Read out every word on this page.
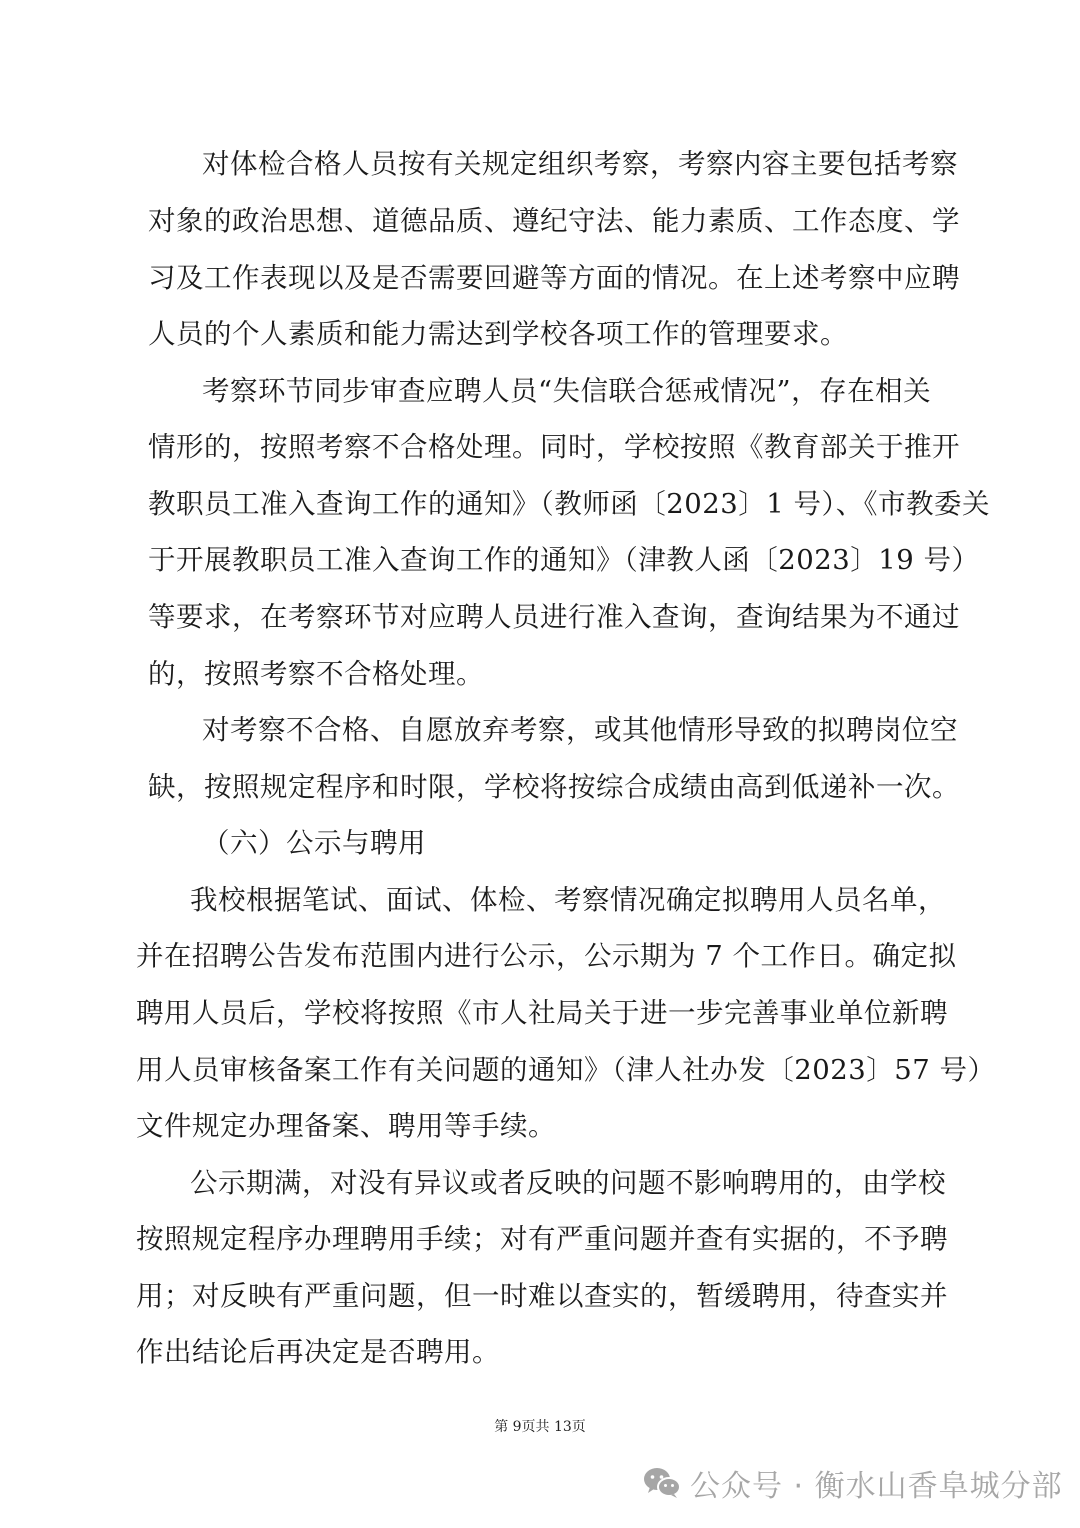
对体检合格人员按有关规定组织考察，考察内容主要包括考察
对象的政治思想、道德品质、遵纪守法、能力素质、工作态度、学
习及工作表现以及是否需要回避等方面的情况。在上述考察中应聘
人员的个人素质和能力需达到学校各项工作的管理要求。
考察环节同步审查应聘人员“失信联合惩戒情况”，存在相关
情形的，按照考察不合格处理。同时，学校按照《教育部关于推开
教职员工准入查询工作的通知》（教师函〔2023〕1 号）、《市教委关
于开展教职员工准入查询工作的通知》（津教人函〔2023〕19 号）
等要求，在考察环节对应聘人员进行准入查询，查询结果为不通过
的，按照考察不合格处理。
对考察不合格、自愿放弃考察，或其他情形导致的拟聘岗位空
缺，按照规定程序和时限，学校将按综合成绩由高到低递补一次。
（六）公示与聘用
我校根据笔试、面试、体检、考察情况确定拟聘用人员名单，
并在招聘公告发布范围内进行公示，公示期为 7 个工作日。确定拟
聘用人员后，学校将按照《市人社局关于进一步完善事业单位新聘
用人员审核备案工作有关问题的通知》（津人社办发〔2023〕57 号）
文件规定办理备案、聘用等手续。
公示期满，对没有异议或者反映的问题不影响聘用的，由学校
按照规定程序办理聘用手续；对有严重问题并查有实据的，不予聘
用；对反映有严重问题，但一时难以查实的，暂缓聘用，待查实并
作出结论后再决定是否聘用。
第 9页共 13页
公众号 · 衡水山香阜城分部
